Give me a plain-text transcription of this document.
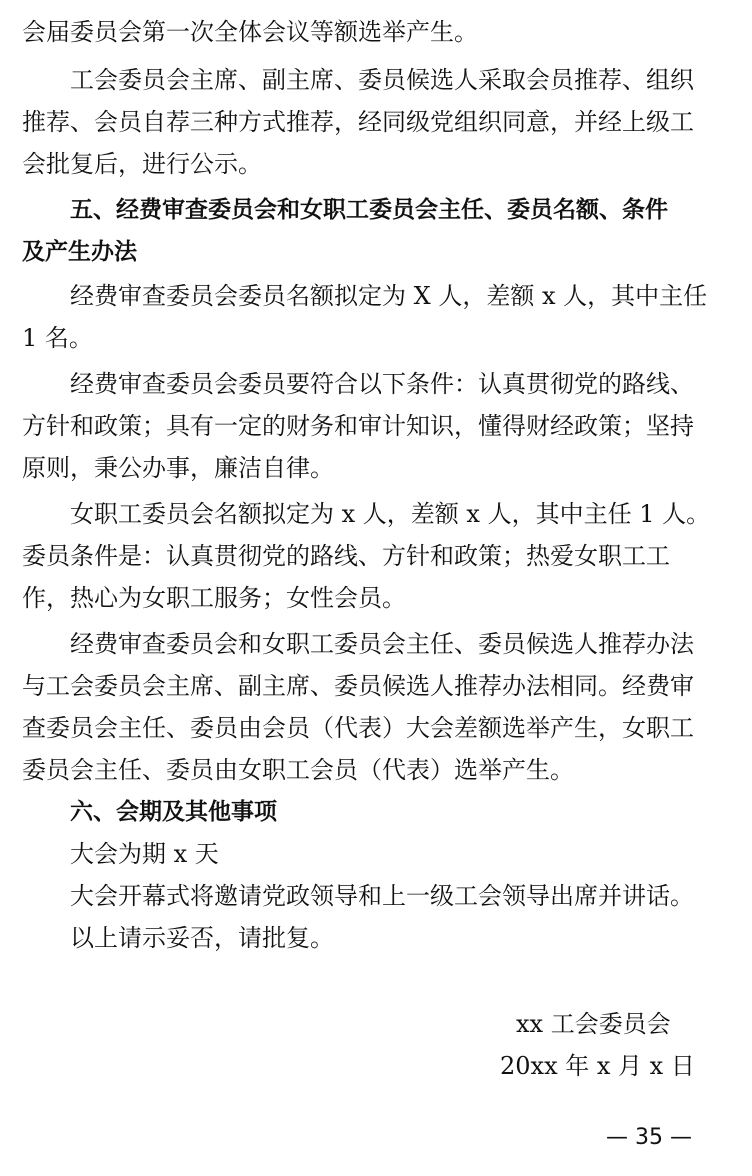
会届委员会第一次全体会议等额选举产生。
工会委员会主席、副主席、委员候选人采取会员推荐、组织
推荐、会员自荐三种方式推荐，经同级党组织同意，并经上级工
会批复后，进行公示。
五、经费审查委员会和女职工委员会主任、委员名额、条件
及产生办法
经费审查委员会委员名额拟定为 X 人，差额 x 人，其中主任
1 名。
经费审查委员会委员要符合以下条件：认真贯彻党的路线、
方针和政策；具有一定的财务和审计知识，懂得财经政策；坚持
原则，秉公办事，廉洁自律。
女职工委员会名额拟定为 x 人，差额 x 人，其中主任 1 人。
委员条件是：认真贯彻党的路线、方针和政策；热爱女职工工
作，热心为女职工服务；女性会员。
经费审查委员会和女职工委员会主任、委员候选人推荐办法
与工会委员会主席、副主席、委员候选人推荐办法相同。经费审
查委员会主任、委员由会员（代表）大会差额选举产生，女职工
委员会主任、委员由女职工会员（代表）选举产生。
六、会期及其他事项
大会为期 x 天
大会开幕式将邀请党政领导和上一级工会领导出席并讲话。
以上请示妥否，请批复。
xx 工会委员会
20xx 年 x 月 x 日
— 35 —
